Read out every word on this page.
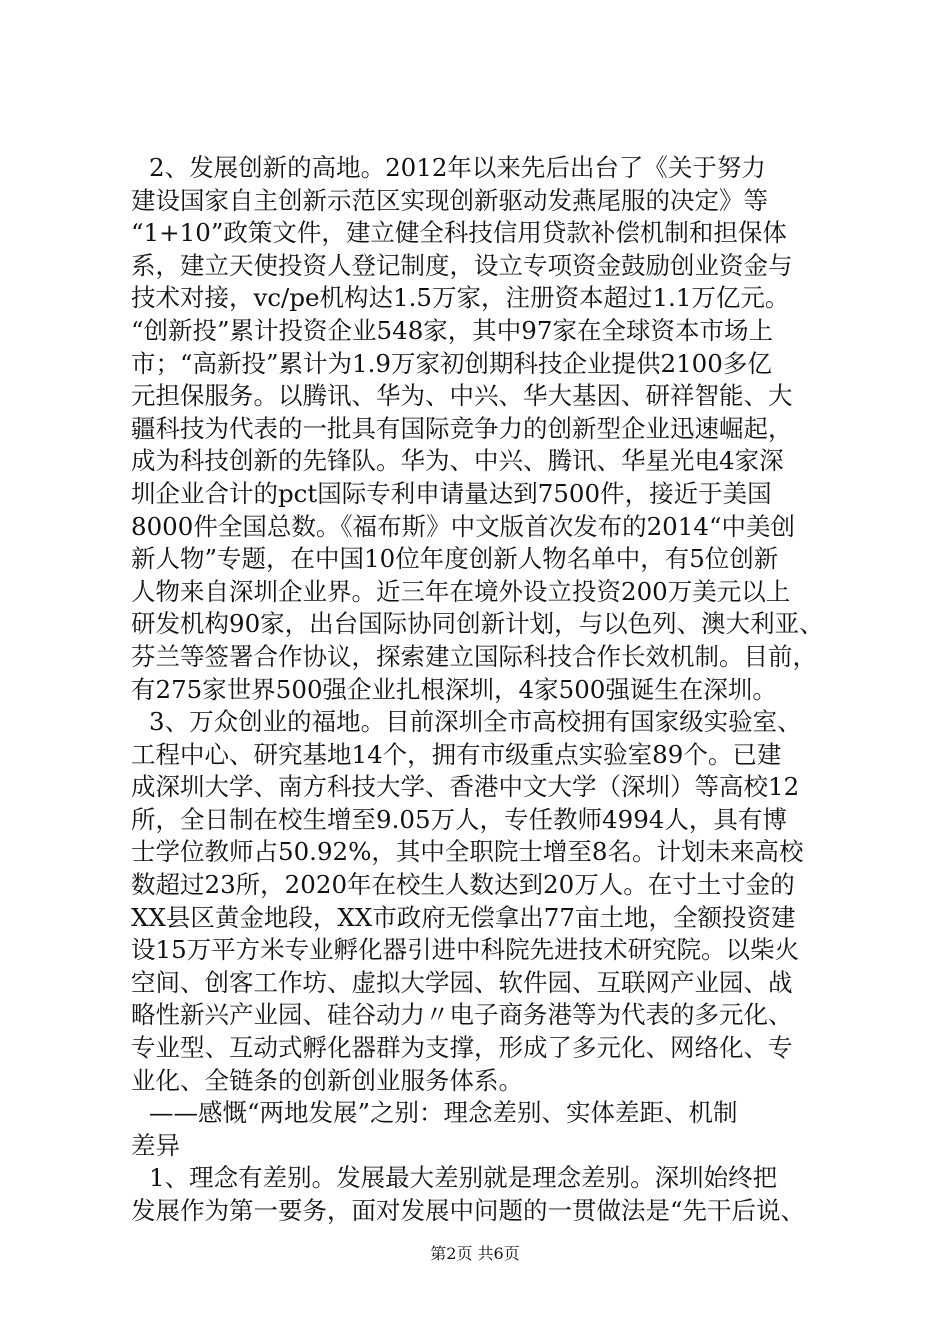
2、发展创新的高地。2012年以来先后出台了《关于努力
建设国家自主创新示范区实现创新驱动发燕尾服的决定》等
“1+10”政策文件，建立健全科技信用贷款补偿机制和担保体
系，建立天使投资人登记制度，设立专项资金鼓励创业资金与
技术对接，vc/pe机构达1.5万家，注册资本超过1.1万亿元。
“创新投”累计投资企业548家，其中97家在全球资本市场上
市；“高新投”累计为1.9万家初创期科技企业提供2100多亿
元担保服务。以腾讯、华为、中兴、华大基因、研祥智能、大
疆科技为代表的一批具有国际竞争力的创新型企业迅速崛起，
成为科技创新的先锋队。华为、中兴、腾讯、华星光电4家深
圳企业合计的pct国际专利申请量达到7500件，接近于美国
8000件全国总数。《福布斯》中文版首次发布的2014“中美创
新人物”专题，在中国10位年度创新人物名单中，有5位创新
人物来自深圳企业界。近三年在境外设立投资200万美元以上
研发机构90家，出台国际协同创新计划，与以色列、澳大利亚、
芬兰等签署合作协议，探索建立国际科技合作长效机制。目前，
有275家世界500强企业扎根深圳，4家500强诞生在深圳。
3、万众创业的福地。目前深圳全市高校拥有国家级实验室、
工程中心、研究基地14个，拥有市级重点实验室89个。已建
成深圳大学、南方科技大学、香港中文大学（深圳）等高校12
所，全日制在校生增至9.05万人，专任教师4994人，具有博
士学位教师占50.92%，其中全职院士增至8名。计划未来高校
数超过23所，2020年在校生人数达到20万人。在寸土寸金的
XX县区黄金地段，XX市政府无偿拿出77亩土地，全额投资建
设15万平方米专业孵化器引进中科院先进技术研究院。以柴火
空间、创客工作坊、虚拟大学园、软件园、互联网产业园、战
略性新兴产业园、硅谷动力〃电子商务港等为代表的多元化、
专业型、互动式孵化器群为支撑，形成了多元化、网络化、专
业化、全链条的创新创业服务体系。
——感慨“两地发展”之别：理念差别、实体差距、机制
差异
1、理念有差别。发展最大差别就是理念差别。深圳始终把
发展作为第一要务，面对发展中问题的一贯做法是“先干后说、
第2页 共6页
